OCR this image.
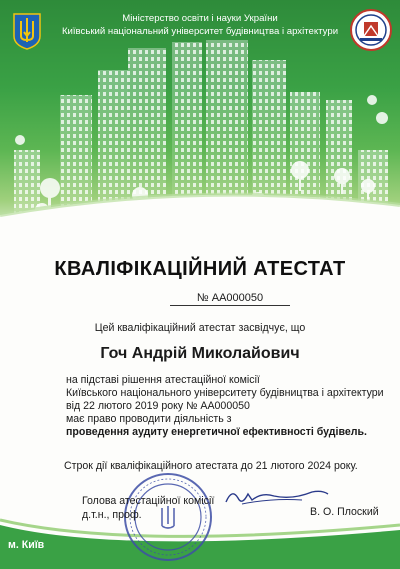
Міністерство освіти і науки України
Київський національний університет будівництва і архітектури
КВАЛІФІКАЦІЙНИЙ АТЕСТАТ
№ АА000050
Цей кваліфікаційний атестат засвідчує, що
Гоч Андрій Миколайович
на підставі рішення атестаційної комісії
Київського національного університету будівництва і архітектури
від 22 лютого 2019 року № АА000050
має право проводити діяльність з
проведення аудиту енергетичної ефективності будівель.
Строк дії кваліфікаційного атестата до 21 лютого 2024 року.
Голова атестаційної комісії
д.т.н., проф.	В. О. Плоский
м. Київ
